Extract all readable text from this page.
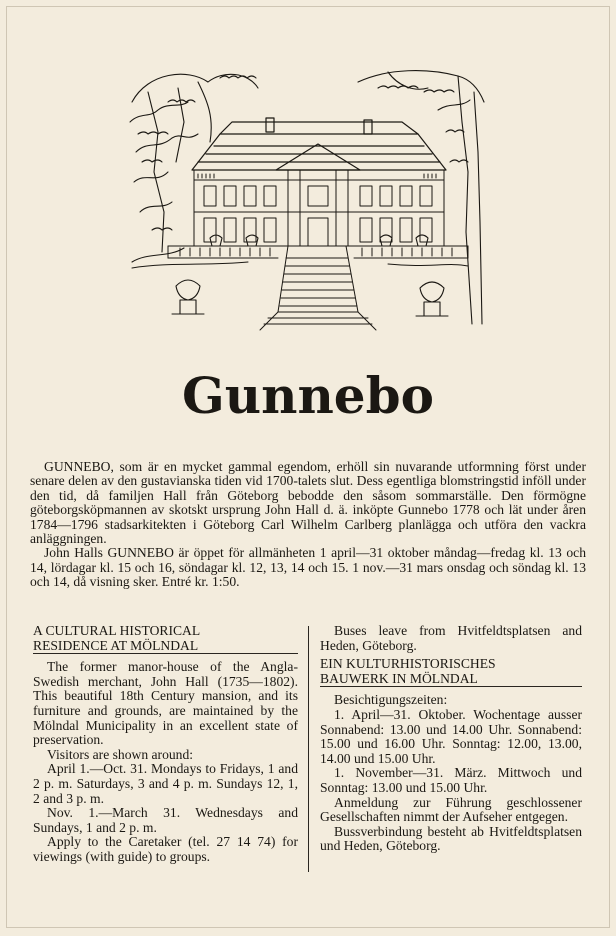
Gunnebo

GUNNEBO, som är en mycket gammal egendom, erhöll sin nuvarande utformning först under senare delen av den gustavianska tiden vid 1700-talets slut. Dess egentliga blomstringstid inföll under den tid, då familjen Hall från Göteborg bebodde den såsom sommarställe. Den förmögne göteborgsköpmannen av skotskt ursprung John Hall d. ä. inköpte Gunnebo 1778 och lät under åren 1784—1796 stadsarkitekten i Göteborg Carl Wilhelm Carlberg planlägga och utföra den vackra anläggningen.

John Halls GUNNEBO är öppet för allmänheten 1 april—31 oktober måndag—fredag kl. 13 och 14, lördagar kl. 15 och 16, söndagar kl. 12, 13, 14 och 15. 1 nov.—31 mars onsdag och söndag kl. 13 och 14, då visning sker. Entré kr. 1:50.

A CULTURAL HISTORICAL
RESIDENCE AT MÖLNDAL

The former manor-house of the Angla-Swedish merchant, John Hall (1735—1802). This beautiful 18th Century mansion, and its furniture and grounds, are maintained by the Mölndal Municipality in an excellent state of preservation.

Visitors are shown around:

April 1.—Oct. 31. Mondays to Fridays, 1 and 2 p. m. Saturdays, 3 and 4 p. m. Sundays 12, 1, 2 and 3 p. m.

Nov. 1.—March 31. Wednesdays and Sundays, 1 and 2 p. m.

Apply to the Caretaker (tel. 27 14 74) for viewings (with guide) to groups.

Buses leave from Hvitfeldtsplatsen and Heden, Göteborg.

EIN KULTURHISTORISCHES
BAUWERK IN MÖLNDAL

Besichtigungszeiten:

1. April—31. Oktober. Wochentage ausser Sonnabend: 13.00 und 14.00 Uhr. Sonnabend: 15.00 und 16.00 Uhr. Sonntag: 12.00, 13.00, 14.00 und 15.00 Uhr.

1. November—31. März. Mittwoch und Sonntag: 13.00 und 15.00 Uhr.

Anmeldung zur Führung geschlossener Gesellschaften nimmt der Aufseher entgegen.

Bussverbindung besteht ab Hvitfeldtsplatsen und Heden, Göteborg.
